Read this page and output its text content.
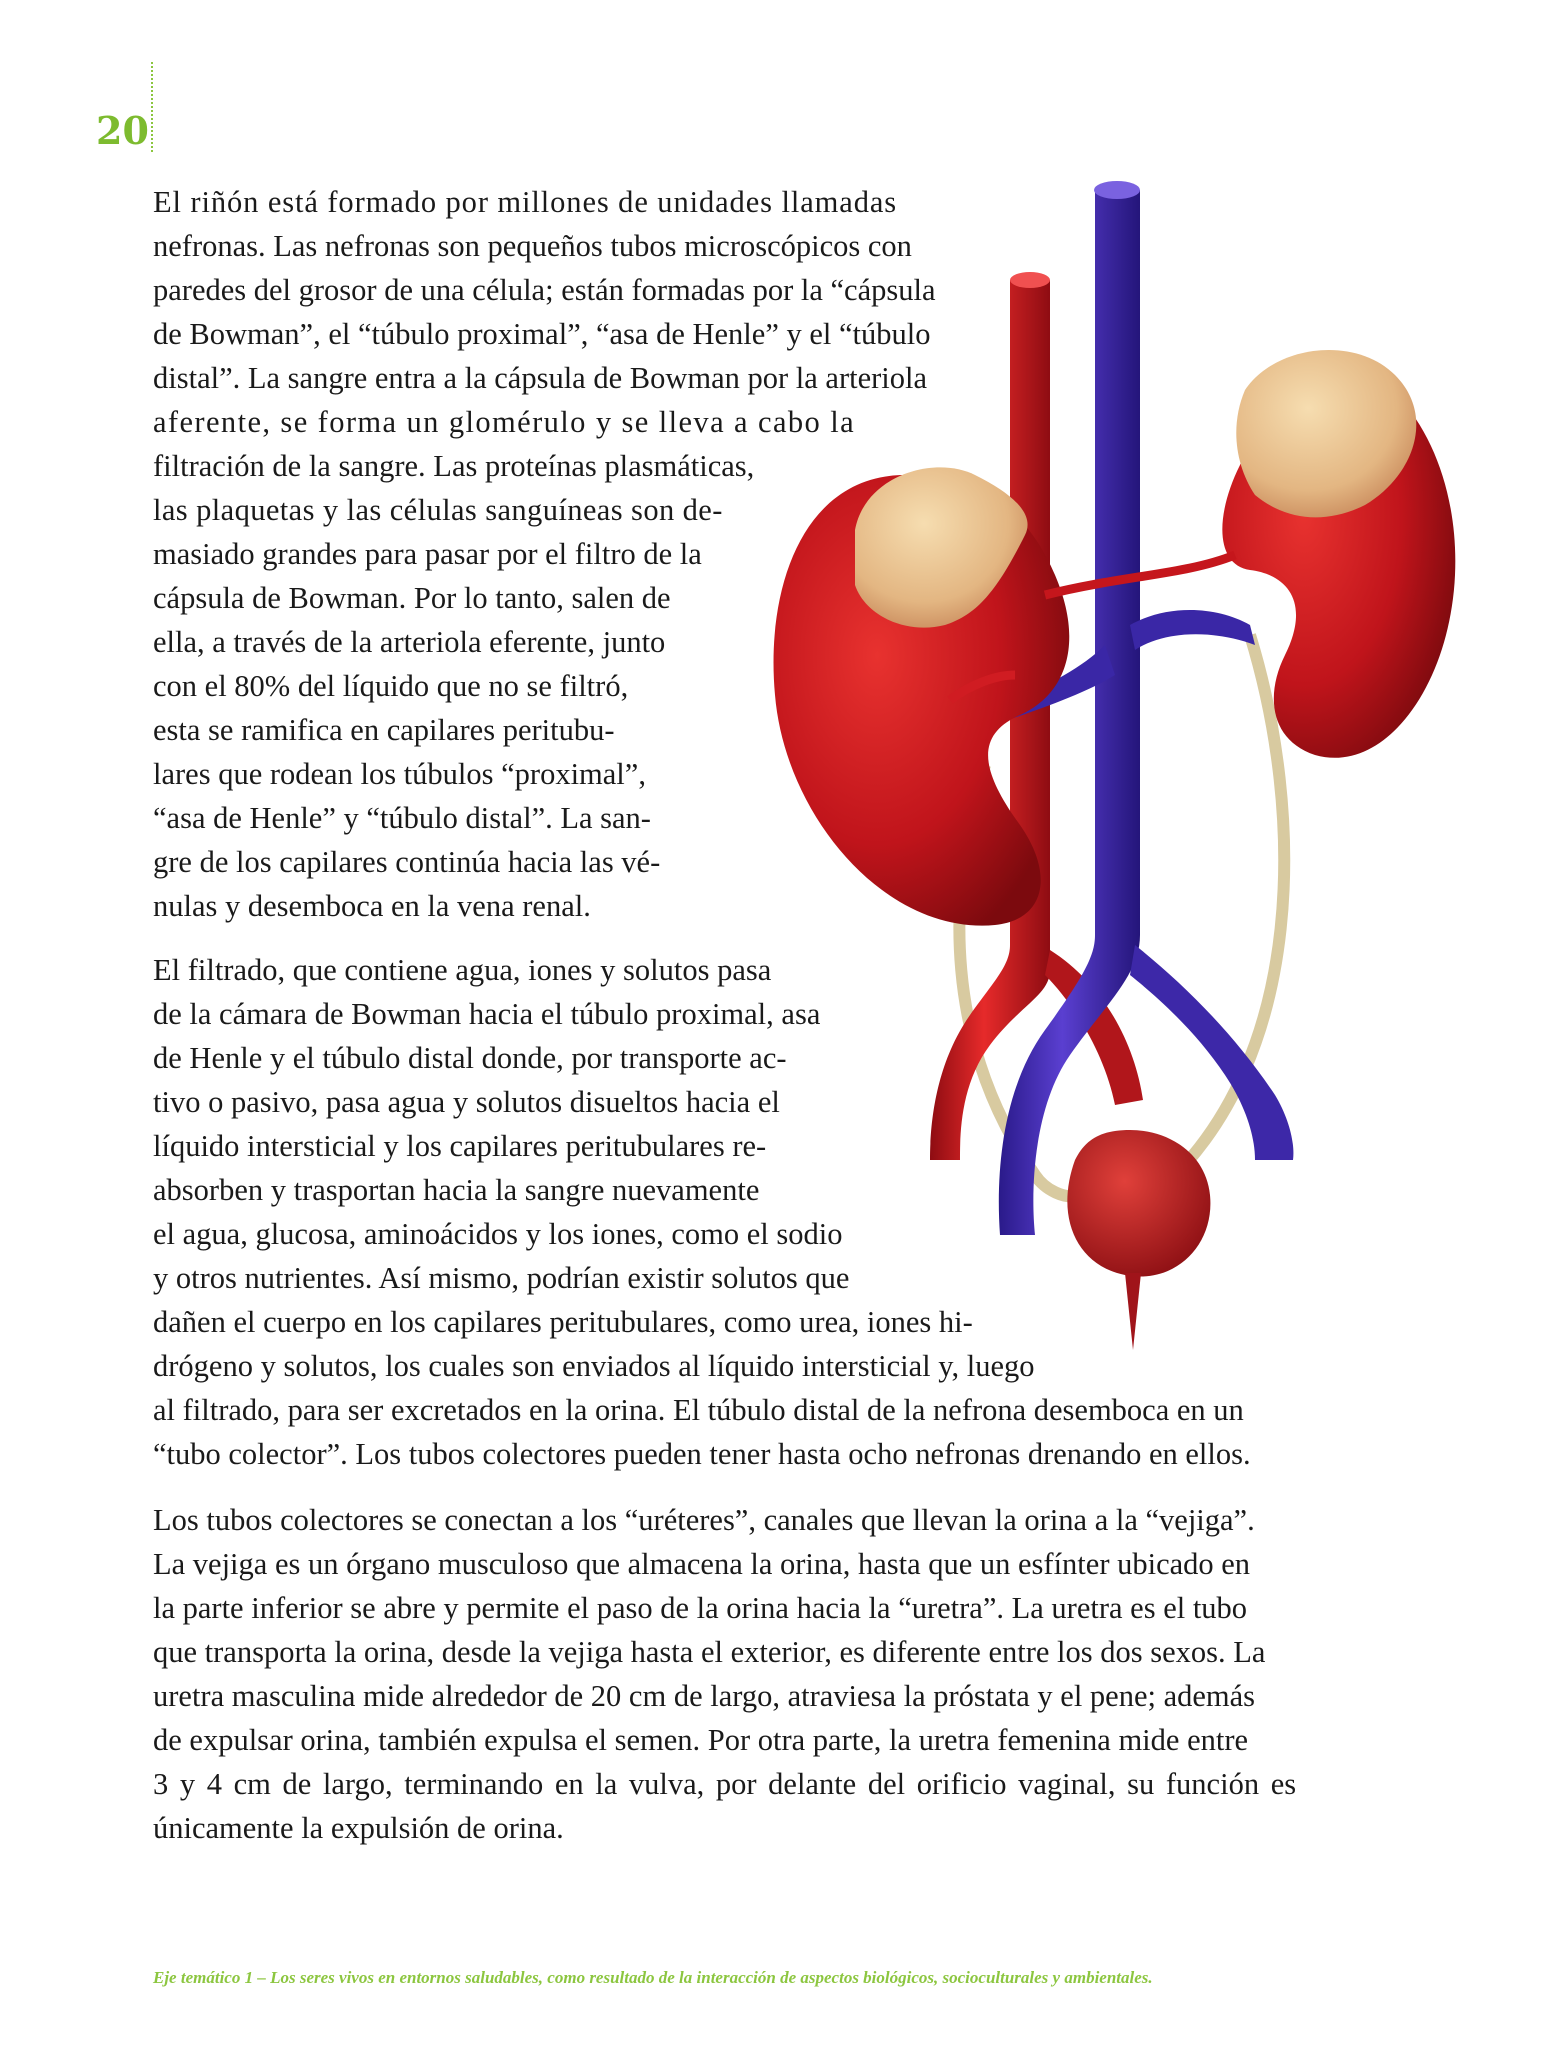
20
El riñón está formado por millones de unidades llamadas
nefronas. Las nefronas son pequeños tubos microscópicos con
paredes del grosor de una célula; están formadas por la “cápsula
de Bowman”, el “túbulo proximal”, “asa de Henle” y el “túbulo
distal”. La sangre entra a la cápsula de Bowman por la arteriola
aferente, se forma un glomérulo y se lleva a cabo la
filtración de la sangre. Las proteínas plasmáticas,
las plaquetas y las células sanguíneas son de-
masiado grandes para pasar por el filtro de la
cápsula de Bowman. Por lo tanto, salen de
ella, a través de la arteriola eferente, junto
con el 80% del líquido que no se filtró,
esta se ramifica en capilares peritubu-
lares que rodean los túbulos “proximal”,
“asa de Henle” y “túbulo distal”. La san-
gre de los capilares continúa hacia las vé-
nulas y desemboca en la vena renal.
El filtrado, que contiene agua, iones y solutos pasa
de la cámara de Bowman hacia el túbulo proximal, asa
de Henle y el túbulo distal donde, por transporte ac-
tivo o pasivo, pasa agua y solutos disueltos hacia el
líquido intersticial y los capilares peritubulares re-
absorben y trasportan hacia la sangre nuevamente
el agua, glucosa, aminoácidos y los iones, como el sodio
y otros nutrientes. Así mismo, podrían existir solutos que
dañen el cuerpo en los capilares peritubulares, como urea, iones hi-
drógeno y solutos, los cuales son enviados al líquido intersticial y, luego
al filtrado, para ser excretados en la orina. El túbulo distal de la nefrona desemboca en un
“tubo colector”. Los tubos colectores pueden tener hasta ocho nefronas drenando en ellos.
Los tubos colectores se conectan a los “uréteres”, canales que llevan la orina a la “vejiga”.
La vejiga es un órgano musculoso que almacena la orina, hasta que un esfínter ubicado en
la parte inferior se abre y permite el paso de la orina hacia la “uretra”. La uretra es el tubo
que transporta la orina, desde la vejiga hasta el exterior, es diferente entre los dos sexos. La
uretra masculina mide alrededor de 20 cm de largo, atraviesa la próstata y el pene; además
de expulsar orina, también expulsa el semen. Por otra parte, la uretra femenina mide entre
3 y 4 cm de largo, terminando en la vulva, por delante del orificio vaginal, su función es
únicamente la expulsión de orina.
Eje temático 1 – Los seres vivos en entornos saludables, como resultado de la interacción de aspectos biológicos, socioculturales y ambientales.
